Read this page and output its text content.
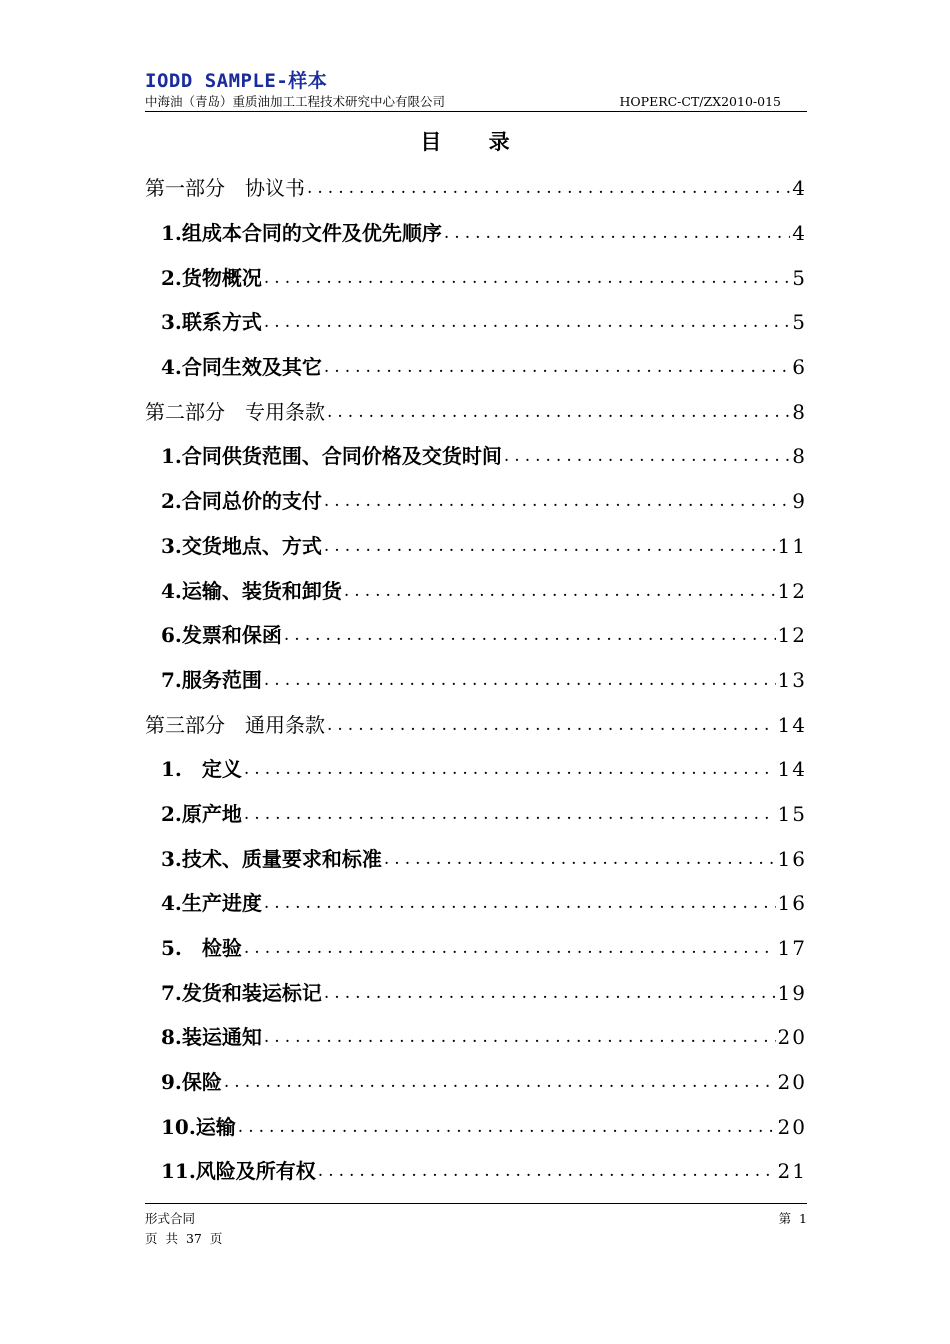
IODD SAMPLE-样本
中海油（青岛）重质油加工工程技术研究中心有限公司	HOPERC-CT/ZX2010-015
目 录
第一部分　协议书 .....	4
1.组成本合同的文件及优先顺序 .....	4
2.货物概况 .....	5
3.联系方式 .....	5
4.合同生效及其它 .....	6
第二部分　专用条款 .....	8
1.合同供货范围、合同价格及交货时间 .....	8
2.合同总价的支付 .....	9
3.交货地点、方式 .....	11
4.运输、装货和卸货 .....	12
6.发票和保函 .....	12
7.服务范围 .....	13
第三部分　通用条款 .....	14
1.　定义 .....	14
2.原产地 .....	15
3.技术、质量要求和标准 .....	16
4.生产进度 .....	16
5.　检验 .....	17
7.发货和装运标记 .....	19
8.装运通知 .....	20
9.保险 .....	20
10.运输 .....	20
11.风险及所有权 .....	21
形式合同	第 1
页 共 37 页
